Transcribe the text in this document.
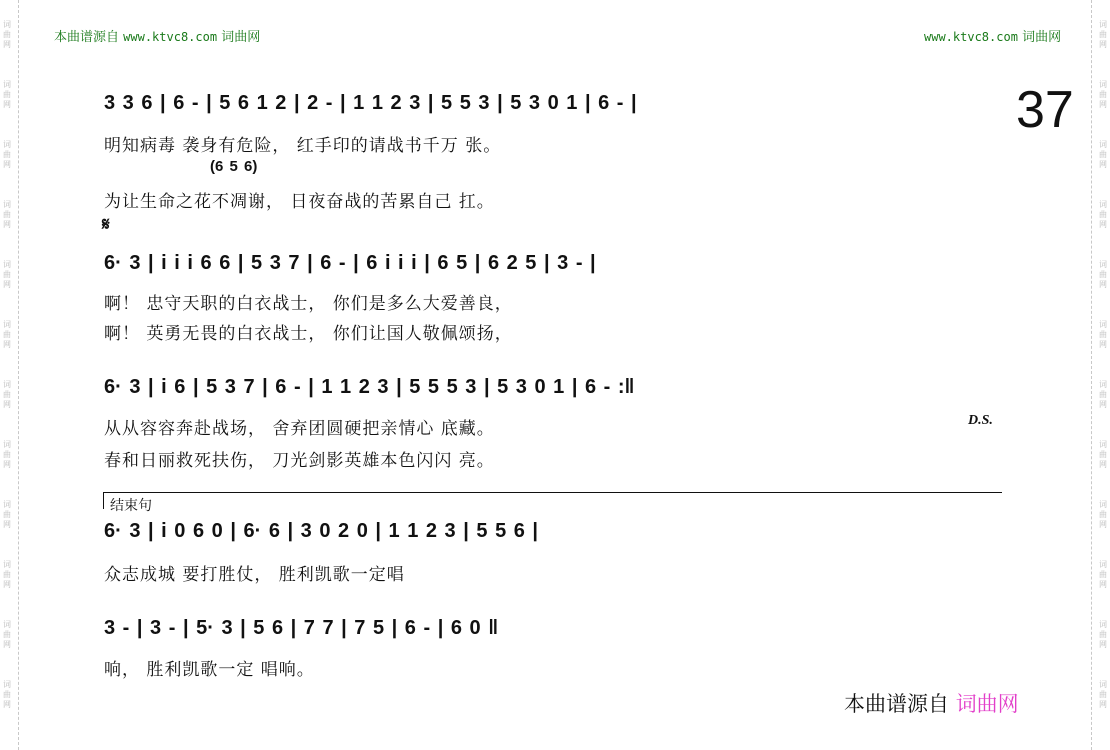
词曲网
词曲网
词曲网
词曲网
词曲网
词曲网
词曲网
词曲网
词曲网
词曲网
词曲网
词曲网
词曲网
词曲网
词曲网
词曲网
词曲网
词曲网
词曲网
词曲网
词曲网
词曲网
词曲网
词曲网
本曲谱源自 www.ktvc8.com 词曲网	www.ktvc8.com 词曲网
37
3 3 6 | 6 - | 5 6 1 2 | 2 - | 1 1 2 3 | 5 5 3 | 5 3 0 1 | 6 - |
明知病毒 袭身有危险， 红手印的请战书千万 张。
(6 5 6)
为让生命之花不凋谢， 日夜奋战的苦累自己 扛。
𝄋
6· 3 | i i i 6 6 | 5 3 7 | 6 - | 6 i i i | 6 5 | 6 2 5 | 3 - |
啊！ 忠守天职的白衣战士， 你们是多么大爱善良，
啊！ 英勇无畏的白衣战士， 你们让国人敬佩颂扬，
6· 3 | i 6 | 5 3 7 | 6 - | 1 1 2 3 | 5 5 5 3 | 5 3 0 1 | 6 - :‖
从从容容奔赴战场， 舍弃团圆硬把亲情心 底藏。	D.S.
春和日丽救死扶伤， 刀光剑影英雄本色闪闪 亮。
结束句
6· 3 | i 0 6 0 | 6· 6 | 3 0 2 0 | 1 1 2 3 | 5 5 6 |
众志成城 要打胜仗， 胜利凯歌一定唱
3 - | 3 - | 5· 3 | 5 6 | 7 7 | 7 5 | 6 - | 6 0 ‖
响， 胜利凯歌一定 唱响。
本曲谱源自 词曲网
